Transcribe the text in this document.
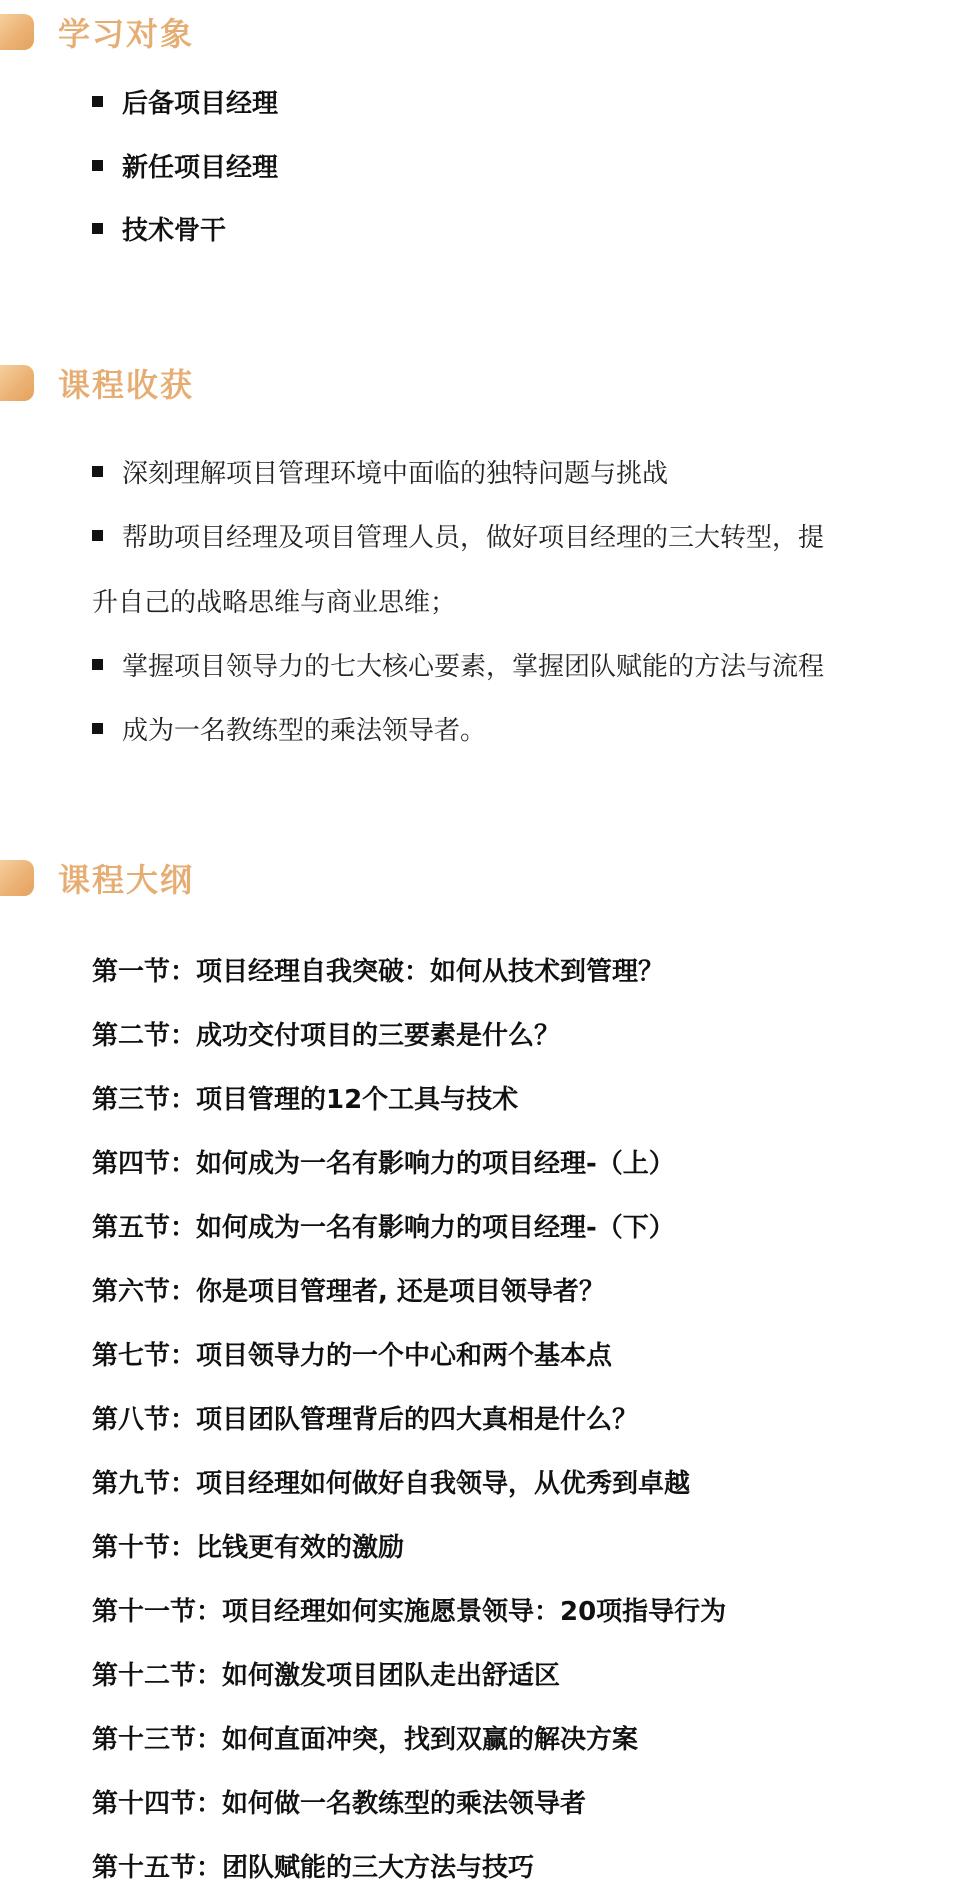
学习对象
后备项目经理
新任项目经理
技术骨干
课程收获
深刻理解项目管理环境中面临的独特问题与挑战
帮助项目经理及项目管理人员，做好项目经理的三大转型，提
升自己的战略思维与商业思维；
掌握项目领导力的七大核心要素，掌握团队赋能的方法与流程
成为一名教练型的乘法领导者。
课程大纲
第一节：项目经理自我突破：如何从技术到管理？
第二节：成功交付项目的三要素是什么？
第三节：项目管理的12个工具与技术
第四节：如何成为一名有影响力的项目经理-（上）
第五节：如何成为一名有影响力的项目经理-（下）
第六节：你是项目管理者, 还是项目领导者？
第七节：项目领导力的一个中心和两个基本点
第八节：项目团队管理背后的四大真相是什么？
第九节：项目经理如何做好自我领导，从优秀到卓越
第十节：比钱更有效的激励
第十一节：项目经理如何实施愿景领导：20项指导行为
第十二节：如何激发项目团队走出舒适区
第十三节：如何直面冲突，找到双赢的解决方案
第十四节：如何做一名教练型的乘法领导者
第十五节：团队赋能的三大方法与技巧
